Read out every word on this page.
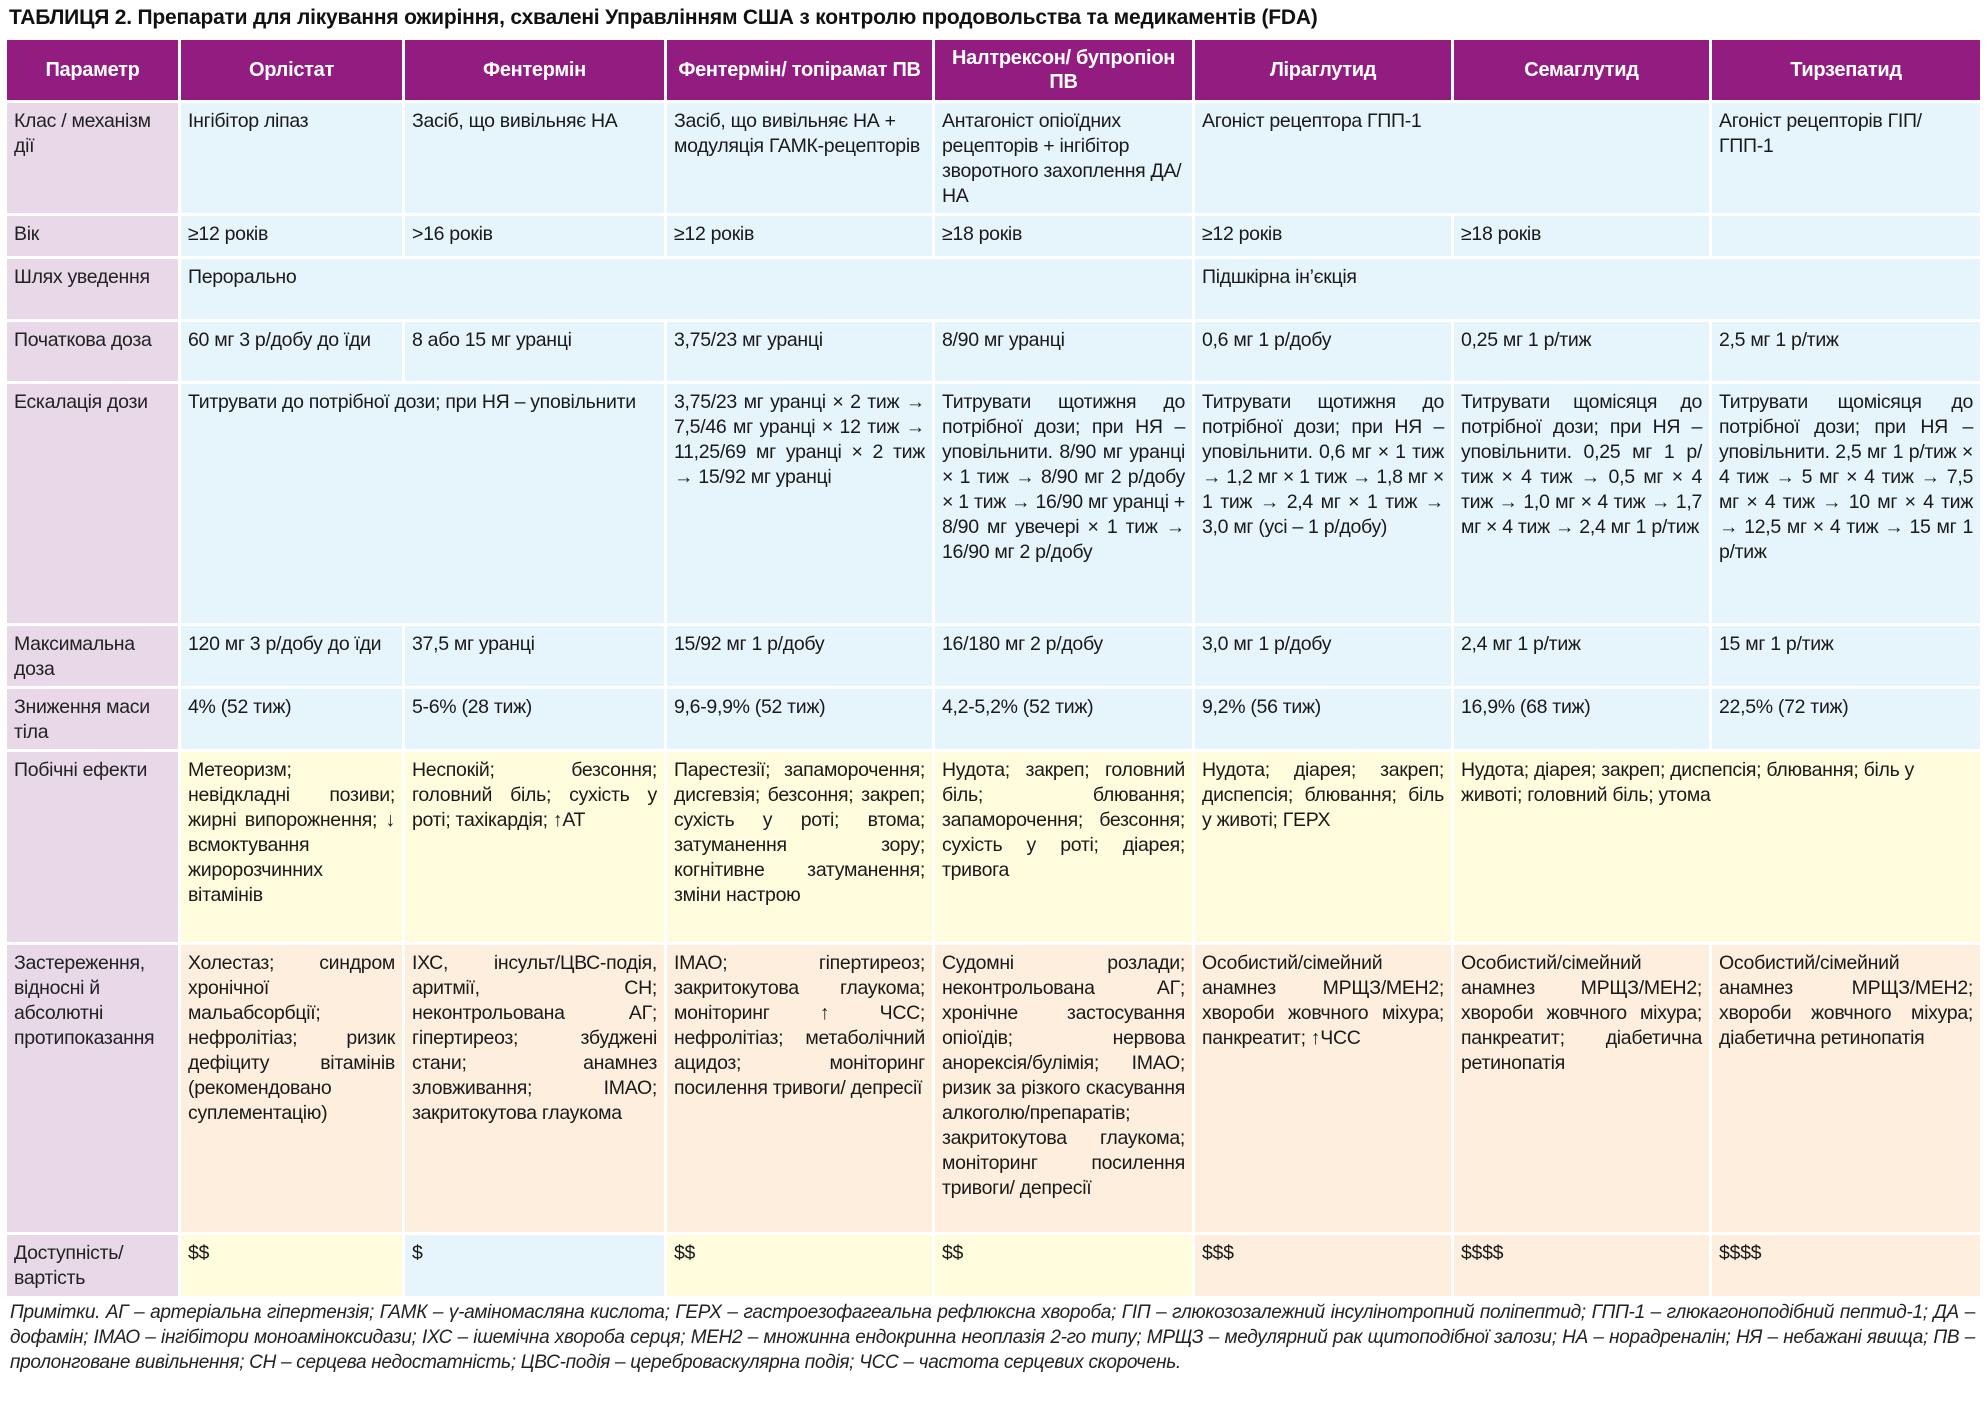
ТАБЛИЦЯ 2. Препарати для лікування ожиріння, схвалені Управлінням США з контролю продовольства та медикаментів (FDA)
Параметр	Орлістат	Фентермін	Фентермін/ топірамат ПВ	Налтрексон/ бупропіон ПВ	Ліраглутид	Семаглутид	Тирзепатид
Клас / механізм дії	Інгібітор ліпаз	Засіб, що вивільняє НА	Засіб, що вивільняє НА + модуляція ГАМК-рецепторів	Антагоніст опіоїдних рецепторів + інгібітор зворотного захоплення ДА/НА	Агоніст рецептора ГПП-1		Агоніст рецепторів ГІП/ ГПП-1
Вік	≥12 років	>16 років	≥12 років	≥18 років	≥12 років	≥18 років	
Шлях уведення	Перорально				Підшкірна ін’єкція		
Початкова доза	60 мг 3 р/добу до їди	8 або 15 мг уранці	3,75/23 мг уранці	8/90 мг уранці	0,6 мг 1 р/добу	0,25 мг 1 р/тиж	2,5 мг 1 р/тиж
Ескалація дози	Титрувати до потрібної дози; при НЯ – уповільнити		3,75/23 мг уранці × 2 тиж → 7,5/46 мг уранці × 12 тиж → 11,25/69 мг уранці × 2 тиж → 15/92 мг уранці	Титрувати щотижня до потрібної дози; при НЯ – уповільнити. 8/90 мг уранці × 1 тиж → 8/90 мг 2 р/добу × 1 тиж → 16/90 мг уранці + 8/90 мг увечері × 1 тиж → 16/90 мг 2 р/добу	Титрувати щотижня до потрібної дози; при НЯ – уповільнити. 0,6 мг × 1 тиж → 1,2 мг × 1 тиж → 1,8 мг × 1 тиж → 2,4 мг × 1 тиж → 3,0 мг (усі – 1 р/добу)	Титрувати щомісяця до потрібної дози; при НЯ – уповільнити. 0,25 мг 1 р/тиж × 4 тиж → 0,5 мг × 4 тиж → 1,0 мг × 4 тиж → 1,7 мг × 4 тиж → 2,4 мг 1 р/тиж	Титрувати щомісяця до потрібної дози; при НЯ – уповільнити. 2,5 мг 1 р/тиж × 4 тиж → 5 мг × 4 тиж → 7,5 мг × 4 тиж → 10 мг × 4 тиж → 12,5 мг × 4 тиж → 15 мг 1 р/тиж
Максимальна доза	120 мг 3 р/добу до їди	37,5 мг уранці	15/92 мг 1 р/добу	16/180 мг 2 р/добу	3,0 мг 1 р/добу	2,4 мг 1 р/тиж	15 мг 1 р/тиж
Зниження маси тіла	4% (52 тиж)	5-6% (28 тиж)	9,6-9,9% (52 тиж)	4,2-5,2% (52 тиж)	9,2% (56 тиж)	16,9% (68 тиж)	22,5% (72 тиж)
Побічні ефекти	Метеоризм; невідкладні позиви; жирні випорожнення; ↓ всмоктування жиророзчинних вітамінів	Неспокій; безсоння; головний біль; сухість у роті; тахікардія; ↑АТ	Парестезії; запаморочення; дисгевзія; безсоння; закреп; сухість у роті; втома; затуманення зору; когнітивне затуманення; зміни настрою	Нудота; закреп; головний біль; блювання; запаморочення; безсоння; сухість у роті; діарея; тривога	Нудота; діарея; закреп; диспепсія; блювання; біль у животі; ГЕРХ	Нудота; діарея; закреп; диспепсія; блювання; біль у животі; головний біль; утома	
Застереження, відносні й абсолютні протипоказання	Холестаз; синдром хронічної мальабсорбції; нефролітіаз; ризик дефіциту вітамінів (рекомендовано суплементацію)	ІХС, інсульт/ЦВС-подія, аритмії, СН; неконтрольована АГ; гіпертиреоз; збуджені стани; анамнез зловживання; ІМАО; закритокутова глаукома	ІМАО; гіпертиреоз; закритокутова глаукома; моніторинг ↑ ЧСС; нефролітіаз; метаболічний ацидоз; моніторинг посилення тривоги/ депресії	Судомні розлади; неконтрольована АГ; хронічне застосування опіоїдів; нервова анорексія/булімія; ІМАО; ризик за різкого скасування алкоголю/препаратів; закритокутова глаукома; моніторинг посилення тривоги/ депресії	Особистий/сімейний анамнез МРЩЗ/МЕН2; хвороби жовчного міхура; панкреатит; ↑ЧСС	Особистий/сімейний анамнез МРЩЗ/МЕН2; хвороби жовчного міхура; панкреатит; діабетична ретинопатія	Особистий/сімейний анамнез МРЩЗ/МЕН2; хвороби жовчного міхура; діабетична ретинопатія
Доступність/ вартість	$$	$	$$	$$	$$$	$$$$	$$$$
Примітки. АГ – артеріальна гіпертензія; ГАМК – γ-аміномасляна кислота; ГЕРХ – гастроезофагеальна рефлюксна хвороба; ГІП – глюкозозалежний інсулінотропний поліпептид; ГПП-1 – глюкагоноподібний пептид-1; ДА – дофамін; ІМАО – інгібітори моноаміноксидази; ІХС – ішемічна хвороба серця; МЕН2 – множинна ендокринна неоплазія 2-го типу; МРЩЗ – медулярний рак щитоподібної залози; НА – норадреналін; НЯ – небажані явища; ПВ – пролонговане вивільнення; СН – серцева недостатність; ЦВС-подія – цереброваскулярна подія; ЧСС – частота серцевих скорочень.
